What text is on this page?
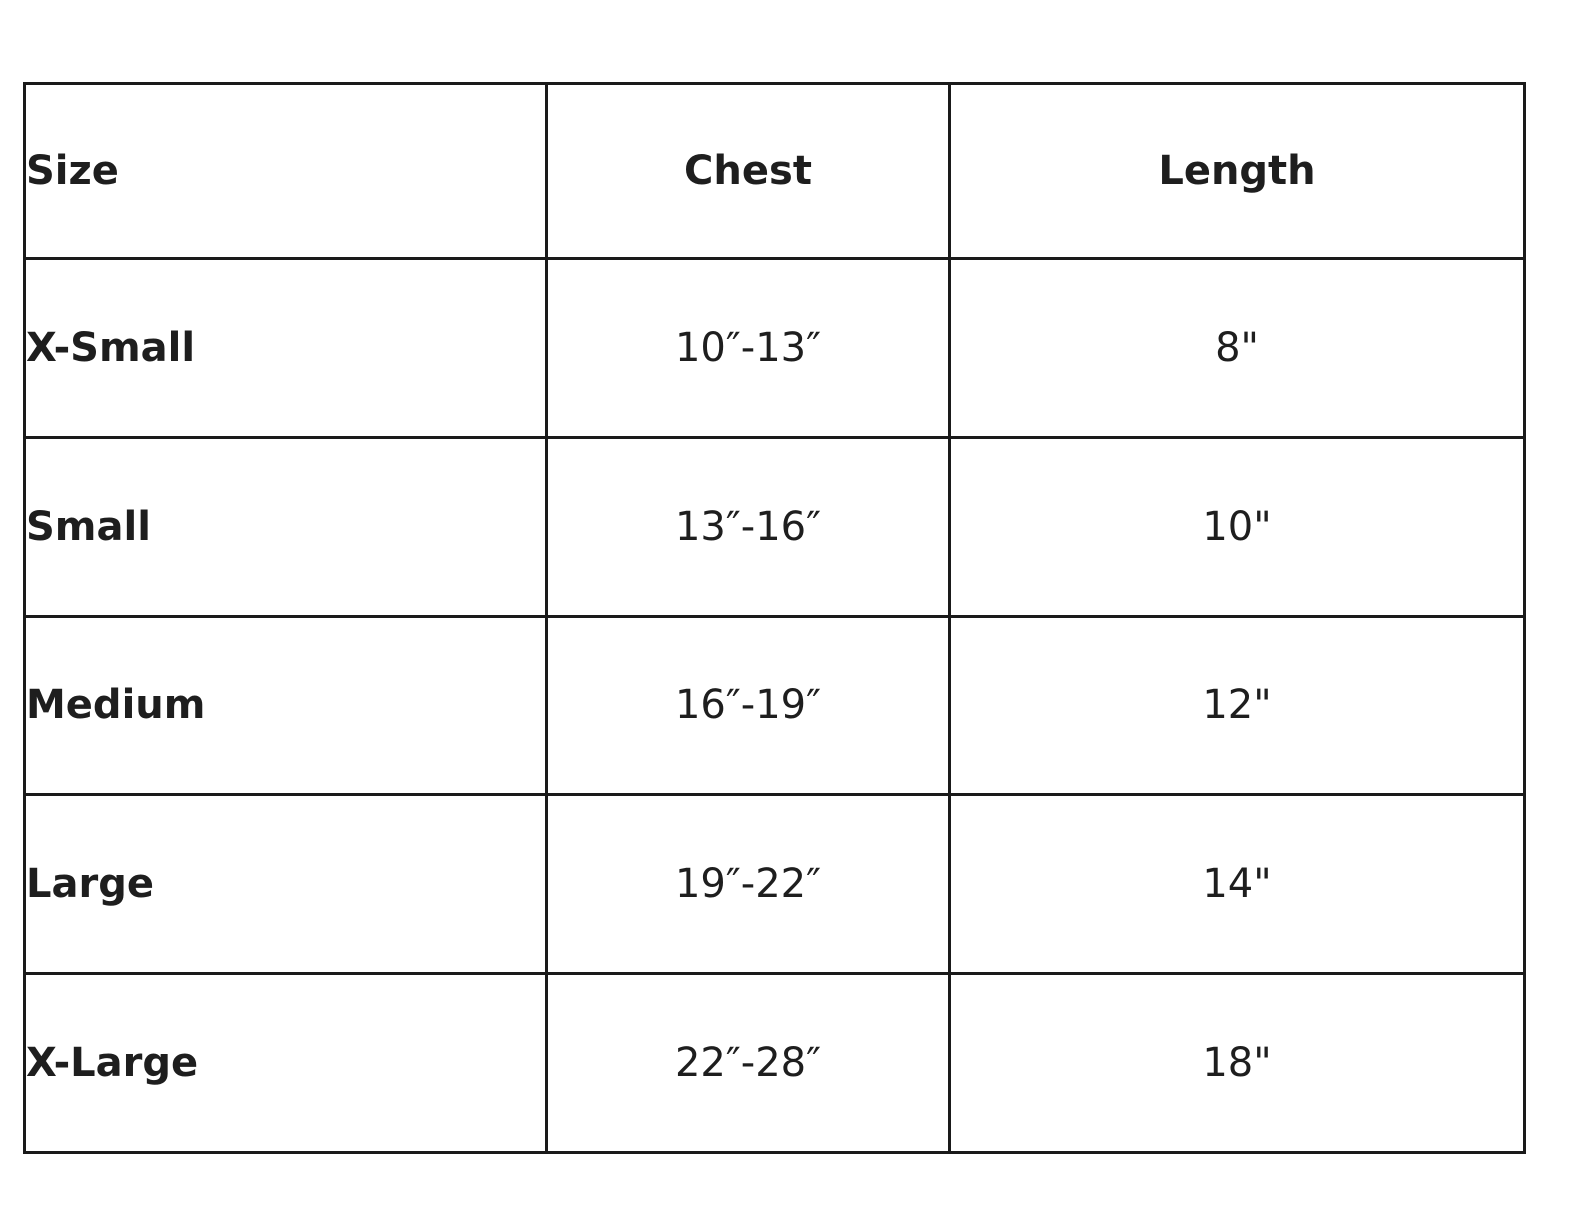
Size	Chest	Length
X-Small	10″-13″	8"
Small	13″-16″	10"
Medium	16″-19″	12"
Large	19″-22″	14"
X-Large	22″-28″	18"
